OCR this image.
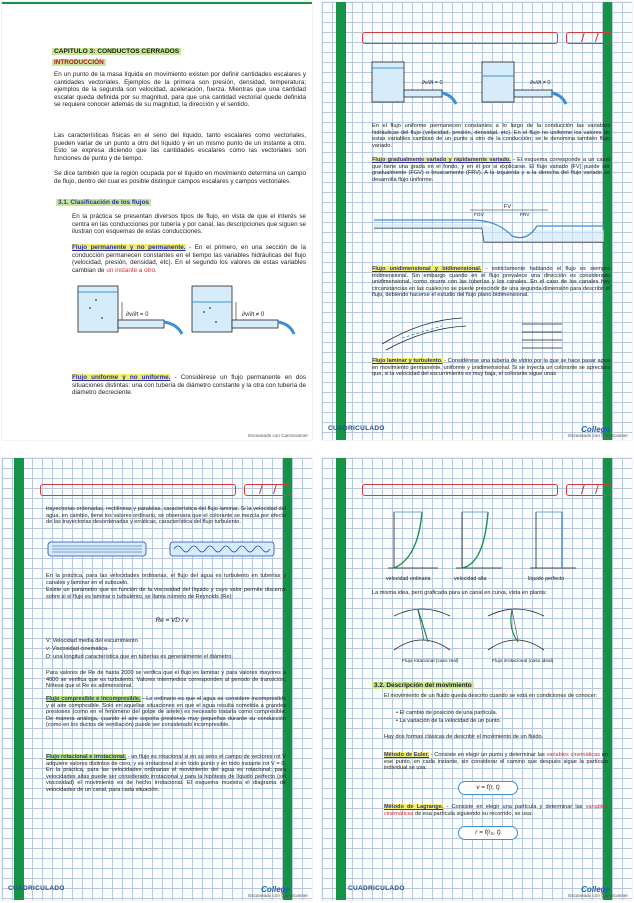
CAPITULO 3: CONDUCTOS CERRADOS
INTRODUCCIÓN
En un punto de la masa líquida en movimiento existen por definir cantidades escalares y cantidades vectoriales. Ejemplos de la primera son presión, densidad, temperatura; ejemplos de la segunda son velocidad, aceleración, fuerza. Mientras que una cantidad escalar queda definida por su magnitud, para que una cantidad vectorial quede definida se requiere conocer además de su magnitud, la dirección y el sentido.
Las características físicas en el seno del líquido, tanto escalares como vectoriales, pueden variar de un punto a otro del líquido y en un mismo punto de un instante a otro. Esto se expresa diciendo que las cantidades escalares como las vectoriales son funciones de punto y de tiempo.
Se dice también que la región ocupada por el líquido en movimiento determina un campo de flujo, dentro del cual es posible distinguir campos escalares y campos vectoriales.
3.1. Clasificación de los flujos
En la práctica se presentan diversos tipos de flujo, en vista de que el interés se centra en las conducciones por tubería y por canal, las descripciones que siguen se ilustran con esquemas de estas conducciones.
Flujo permanente y no permanente. - En el primero, en una sección de la conducción permanecen constantes en el tiempo las variables hidráulicas del flujo (velocidad, presión, densidad, etc). En el segundo los valores de estas variables cambian de un instante a otro.
∂v/∂t = 0	∂v/∂t ≠ 0
Flujo uniforme y no uniforme. - Considérese un flujo permanente en dos situaciones distintas: una con tubería de diámetro constante y la otra con tubería de diámetro decreciente.
Escaneado con CamScanner
/ /
∂v/∂t = 0	∂v/∂t ≠ 0
En el flujo uniforme permanecen constantes a lo largo de la conducción las variables hidráulicas del flujo (velocidad, presión, densidad, etc). En el flujo no uniforme los valores de estas variables cambian de un punto a otro de la conducción; se le denomina también flujo variado.
Flujo gradualmente variado y rápidamente variado. - El esquema corresponde a un canal que tiene una grada en el fondo, y en él por si explicarse. El flujo variado (FV) puede ser gradualmente (FGV) o bruscamente (FRV). A la izquierda y a la derecha del flujo variado se desarrolla flujo uniforme.
FV
FGV	FRV
Flujo unidimensional y bidimensional. - estrictamente hablando el flujo es siempre tridimensional. Sin embargo cuando en el flujo prevalece una dirección es considerado unidimensional, como ocurre con las tuberías y los canales. En el caso de los canales hay circunstancias en las cuales no se puede prescindir de una segunda dimensión para describir el flujo, debiendo hacerse el estudio del flujo plano bidimensional.
Flujo laminar y turbulento. - Considérese una tubería de vidrio por la que se hace pasar agua en movimiento permanente, uniforme y unidimensional. Si se inyecta un colorante se apreciara que, si la velocidad del escurrimiento es muy baja, el colorante sigue unas
CUADRICULADO	College
Escaneado con CamScanner
/ /
trayectorias ordenadas, rectilíneas y paralelas, característica del flujo laminar. Si la velocidad del agua, en cambio, tiene los valores ordinario, se observara que el colorante se mezcla por efecto de las trayectorias desordenadas y erráticas, característica del flujo turbulento.
En la práctica, para las velocidades ordinarias, el flujo del agua es turbulento en tuberías y canales y laminar en el subsuelo.
Existe un parámetro que es función de la viscosidad del líquido y cuyo valor permite discernir sobre si el flujo es laminar o turbulento, se llama número de Reynolds (Re):
Re = VD / ν
V: Velocidad media del escurrimiento
ν: Viscosidad cinemática
D: una longitud característica que en tuberías es generalmente el diámetro.
Para valores de Re de hasta 2000 se verifica que el flujo es laminar y para valores mayores a 4000 se verifica que es turbulento. Valores intermedios corresponden al periodo de transición. Nótese que el Re es adimensional.
Flujo compresible e incompresible. - Lo ordinario es que el agua se considere incompresible y el aire compresible. Solo en aquellas situaciones en que el agua resulta sometida a grandes presiones (como en el fenómeno del golpe de ariete) es necesario tratarla como compresible. De manera análoga, cuando el aire soporta presiones muy pequeñas durante su conducción (como en los ductos de ventilación) puede ser considerado incompresible.
Flujo rotacional e irrotacional. - un flujo es rotacional si en su seno el campo de vectores rot V adquiere valores distintos de cero, y es irrotacional si en todo punto y en todo instante rot V = 0. En la práctica, para las velocidades ordinarias el movimiento del agua es rotacional; para velocidades altas puede ser considerado irrotacional y para la hipótesis de líquido perfecto (sin viscosidad) el movimiento es de hecho irrotacional. El esquema muestra el diagrama de velocidades de un canal, para cada situación.
CUADRICULADO	College
Escaneado con CamScanner
/ /
velocidad ordinaria	velocidad alta	líquido perfecto
La misma idea, pero graficada para un canal en curva, vista en planta:
Flujo rotacional (caso real)	Flujo irrotacional (caso ideal)
3.2. Descripción del movimiento
El movimiento de un fluido queda descrito cuando se está en condiciones de conocer:
• El cambio de posición de una partícula.
• La variación de la velocidad de un punto.
Hay dos formas clásicas de describir el movimiento de un fluido.
Método de Euler. - Consiste en elegir un punto y determinar las variables cinemáticas en ese punto, en cada instante, sin considerar el camino que después sigue la partícula individual se usa:
v = f(r, t)
Método de Lagrange. - Consiste en elegir una partícula y determinar las variables cinemáticas de esa partícula siguiendo su recorrido, se usa:
r = f(r₀, t)
CUADRICULADO	College
Escaneado con CamScanner
